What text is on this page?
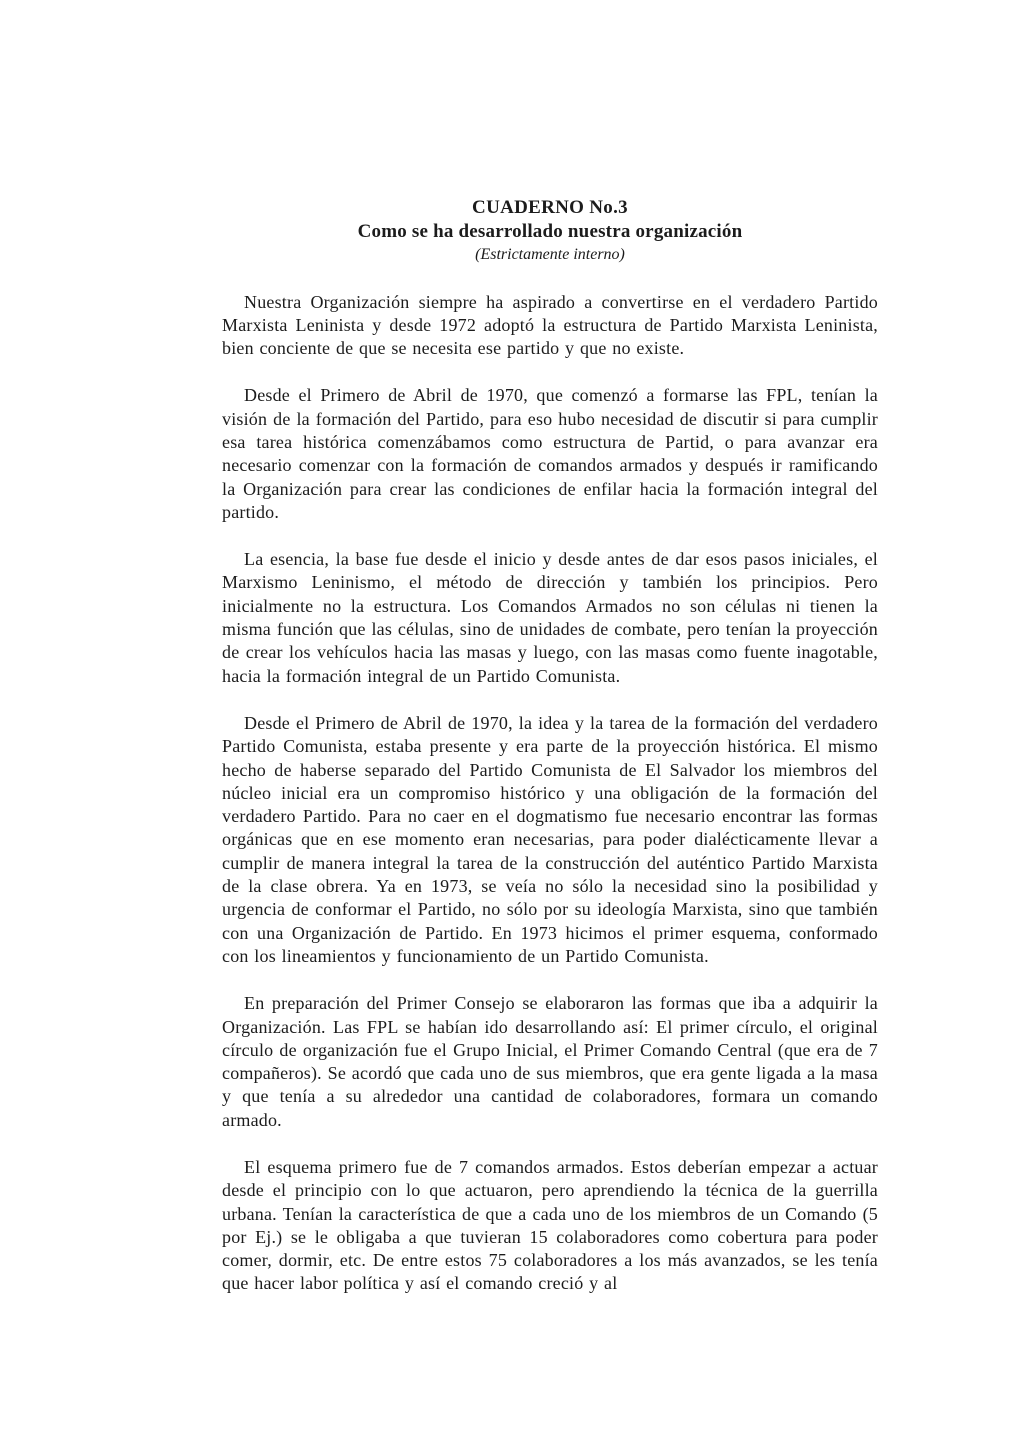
CUADERNO No.3
Como se ha desarrollado nuestra organización
(Estrictamente interno)

Nuestra Organización siempre ha aspirado a convertirse en el verdadero Partido Marxista Leninista y desde 1972 adoptó la estructura de Partido Marxista Leninista, bien conciente de que se necesita ese partido y que no existe.

Desde el Primero de Abril de 1970, que comenzó a formarse las FPL, tenían la visión de la formación del Partido, para eso hubo necesidad de discutir si para cumplir esa tarea histórica comenzábamos como estructura de Partid, o para avanzar era necesario comenzar con la formación de comandos armados y después ir ramificando la Organización para crear las condiciones de enfilar hacia la formación integral del partido.

La esencia, la base fue desde el inicio y desde antes de dar esos pasos iniciales, el Marxismo Leninismo, el método de dirección y también los principios. Pero inicialmente no la estructura. Los Comandos Armados no son células ni tienen la misma función que las células, sino de unidades de combate, pero tenían la proyección de crear los vehículos hacia las masas y luego, con las masas como fuente inagotable, hacia la formación integral de un Partido Comunista.

Desde el Primero de Abril de 1970, la idea y la tarea de la formación del verdadero Partido Comunista, estaba presente y era parte de la proyección histórica. El mismo hecho de haberse separado del Partido Comunista de El Salvador los miembros del núcleo inicial era un compromiso histórico y una obligación de la formación del verdadero Partido. Para no caer en el dogmatismo fue necesario encontrar las formas orgánicas que en ese momento eran necesarias, para poder dialécticamente llevar a cumplir de manera integral la tarea de la construcción del auténtico Partido Marxista de la clase obrera. Ya en 1973, se veía no sólo la necesidad sino la posibilidad y urgencia de conformar el Partido, no sólo por su ideología Marxista, sino que también con una Organización de Partido. En 1973 hicimos el primer esquema, conformado con los lineamientos y funcionamiento de un Partido Comunista.

En preparación del Primer Consejo se elaboraron las formas que iba a adquirir la Organización. Las FPL se habían ido desarrollando así: El primer círculo, el original círculo de organización fue el Grupo Inicial, el Primer Comando Central (que era de 7 compañeros). Se acordó que cada uno de sus miembros, que era gente ligada a la masa y que tenía a su alrededor una cantidad de colaboradores, formara un comando armado.

El esquema primero fue de 7 comandos armados. Estos deberían empezar a actuar desde el principio con lo que actuaron, pero aprendiendo la técnica de la guerrilla urbana. Tenían la característica de que a cada uno de los miembros de un Comando (5 por Ej.) se le obligaba a que tuvieran 15 colaboradores como cobertura para poder comer, dormir, etc. De entre estos 75 colaboradores a los más avanzados, se les tenía que hacer labor política y así el comando creció y al
